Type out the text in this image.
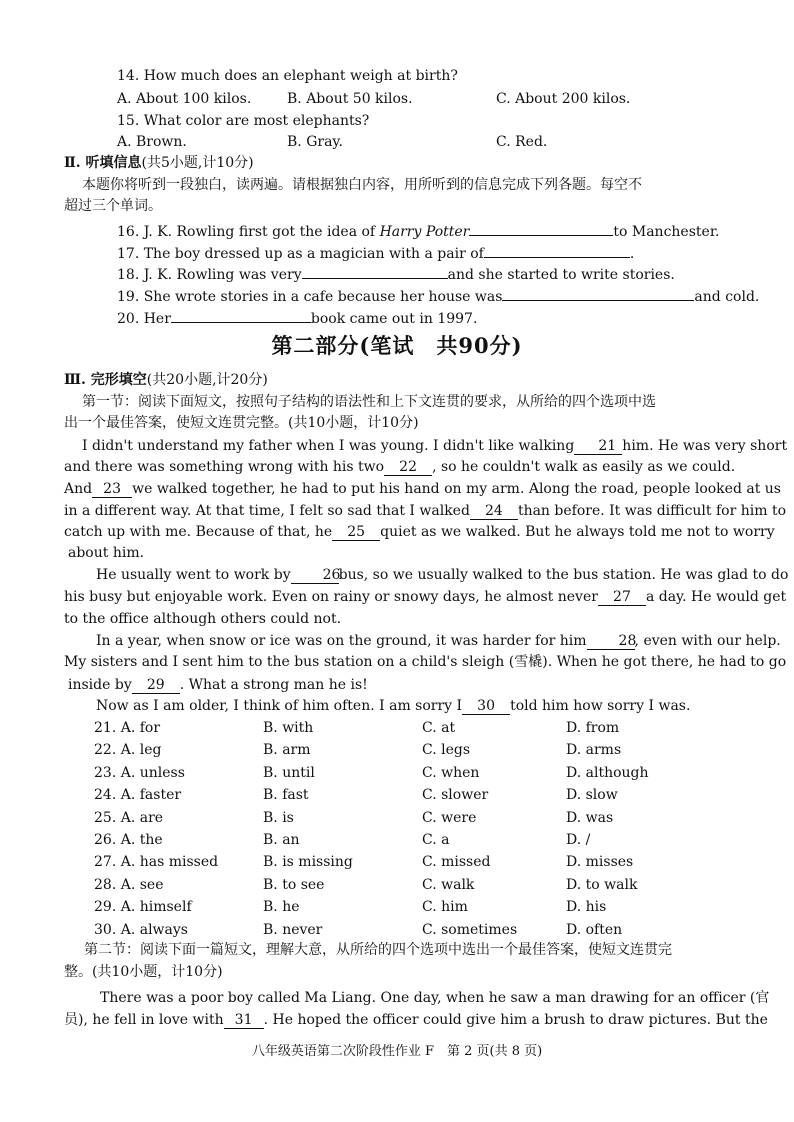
14. How much does an elephant weigh at birth?
A. About 100 kilos.	B. About 50 kilos.	C. About 200 kilos.
15. What color are most elephants?
A. Brown.	B. Gray.	C. Red.
Ⅱ. 听填信息(共5小题,计10分)
本题你将听到一段独白，读两遍。请根据独白内容，用所听到的信息完成下列各题。每空不
超过三个单词。
16. J. K. Rowling first got the idea of Harry Potter	to Manchester.
17. The boy dressed up as a magician with a pair of	.
18. J. K. Rowling was very	and she started to write stories.
19. She wrote stories in a cafe because her house was	and cold.
20. Her	book came out in 1997.
第二部分(笔试　共90分)
Ⅲ. 完形填空(共20小题,计20分)
第一节：阅读下面短文，按照句子结构的语法性和上下文连贯的要求，从所给的四个选项中选
出一个最佳答案，使短文连贯完整。(共10小题，计10分)
I didn't understand my father when I was young. I didn't like walking 21 him. He was very short
and there was something wrong with his two 22 , so he couldn't walk as easily as we could.
And 23 we walked together, he had to put his hand on my arm. Along the road, people looked at us
in a different way. At that time, I felt so sad that I walked 24 than before. It was difficult for him to
catch up with me. Because of that, he 25 quiet as we walked. But he always told me not to worry
about him.
He usually went to work by 26bus, so we usually walked to the bus station. He was glad to do
his busy but enjoyable work. Even on rainy or snowy days, he almost never 27 a day. He would get
to the office although others could not.
In a year, when snow or ice was on the ground, it was harder for him 28, even with our help.
My sisters and I sent him to the bus station on a child's sleigh (雪橇). When he got there, he had to go
inside by 29 . What a strong man he is!
Now as I am older, I think of him often. I am sorry I 30 told him how sorry I was.
21. A. for	B. with	C. at	D. from
22. A. leg	B. arm	C. legs	D. arms
23. A. unless	B. until	C. when	D. although
24. A. faster	B. fast	C. slower	D. slow
25. A. are	B. is	C. were	D. was
26. A. the	B. an	C. a	D. /
27. A. has missed	B. is missing	C. missed	D. misses
28. A. see	B. to see	C. walk	D. to walk
29. A. himself	B. he	C. him	D. his
30. A. always	B. never	C. sometimes	D. often
第二节：阅读下面一篇短文，理解大意，从所给的四个选项中选出一个最佳答案，使短文连贯完
整。(共10小题，计10分)
There was a poor boy called Ma Liang. One day, when he saw a man drawing for an officer (官
员), he fell in love with 31 . He hoped the officer could give him a brush to draw pictures. But the
八年级英语第二次阶段性作业 F　第 2 页(共 8 页)
